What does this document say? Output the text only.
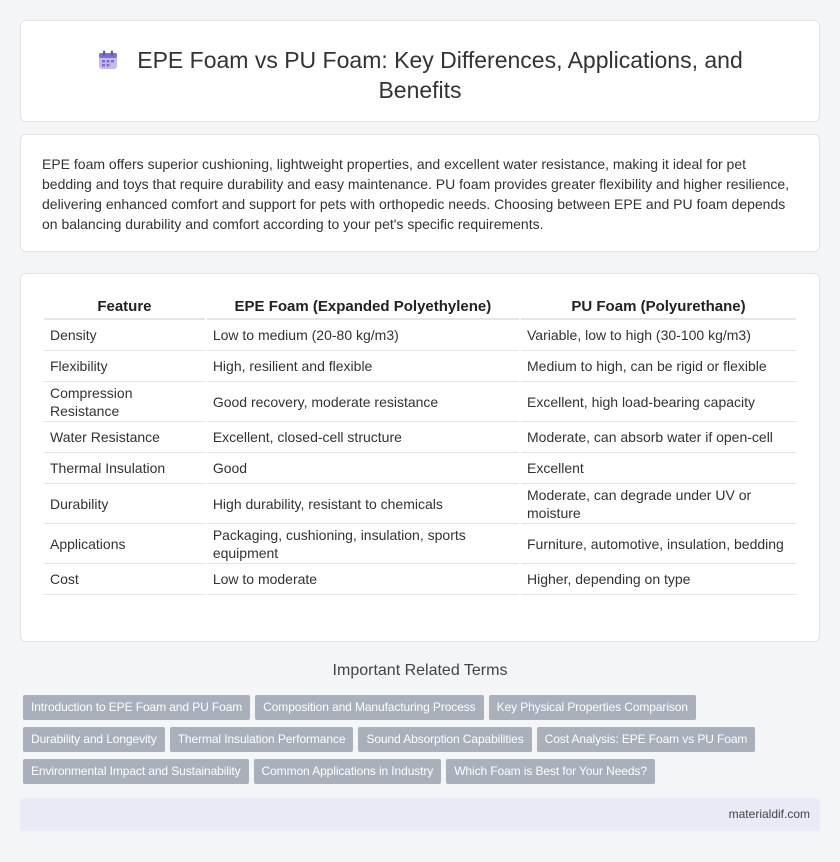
EPE Foam vs PU Foam: Key Differences, Applications, and Benefits

EPE foam offers superior cushioning, lightweight properties, and excellent water resistance, making it ideal for pet bedding and toys that require durability and easy maintenance. PU foam provides greater flexibility and higher resilience, delivering enhanced comfort and support for pets with orthopedic needs. Choosing between EPE and PU foam depends on balancing durability and comfort according to your pet's specific requirements.

Feature	EPE Foam (Expanded Polyethylene)	PU Foam (Polyurethane)
Density	Low to medium (20-80 kg/m3)	Variable, low to high (30-100 kg/m3)
Flexibility	High, resilient and flexible	Medium to high, can be rigid or flexible
Compression Resistance	Good recovery, moderate resistance	Excellent, high load-bearing capacity
Water Resistance	Excellent, closed-cell structure	Moderate, can absorb water if open-cell
Thermal Insulation	Good	Excellent
Durability	High durability, resistant to chemicals	Moderate, can degrade under UV or moisture
Applications	Packaging, cushioning, insulation, sports equipment	Furniture, automotive, insulation, bedding
Cost	Low to moderate	Higher, depending on type
Important Related Terms
Introduction to EPE Foam and PU Foam Composition and Manufacturing Process Key Physical Properties Comparison
Durability and Longevity Thermal Insulation Performance Sound Absorption Capabilities Cost Analysis: EPE Foam vs PU Foam
Environmental Impact and Sustainability Common Applications in Industry Which Foam is Best for Your Needs?
materialdif.com
